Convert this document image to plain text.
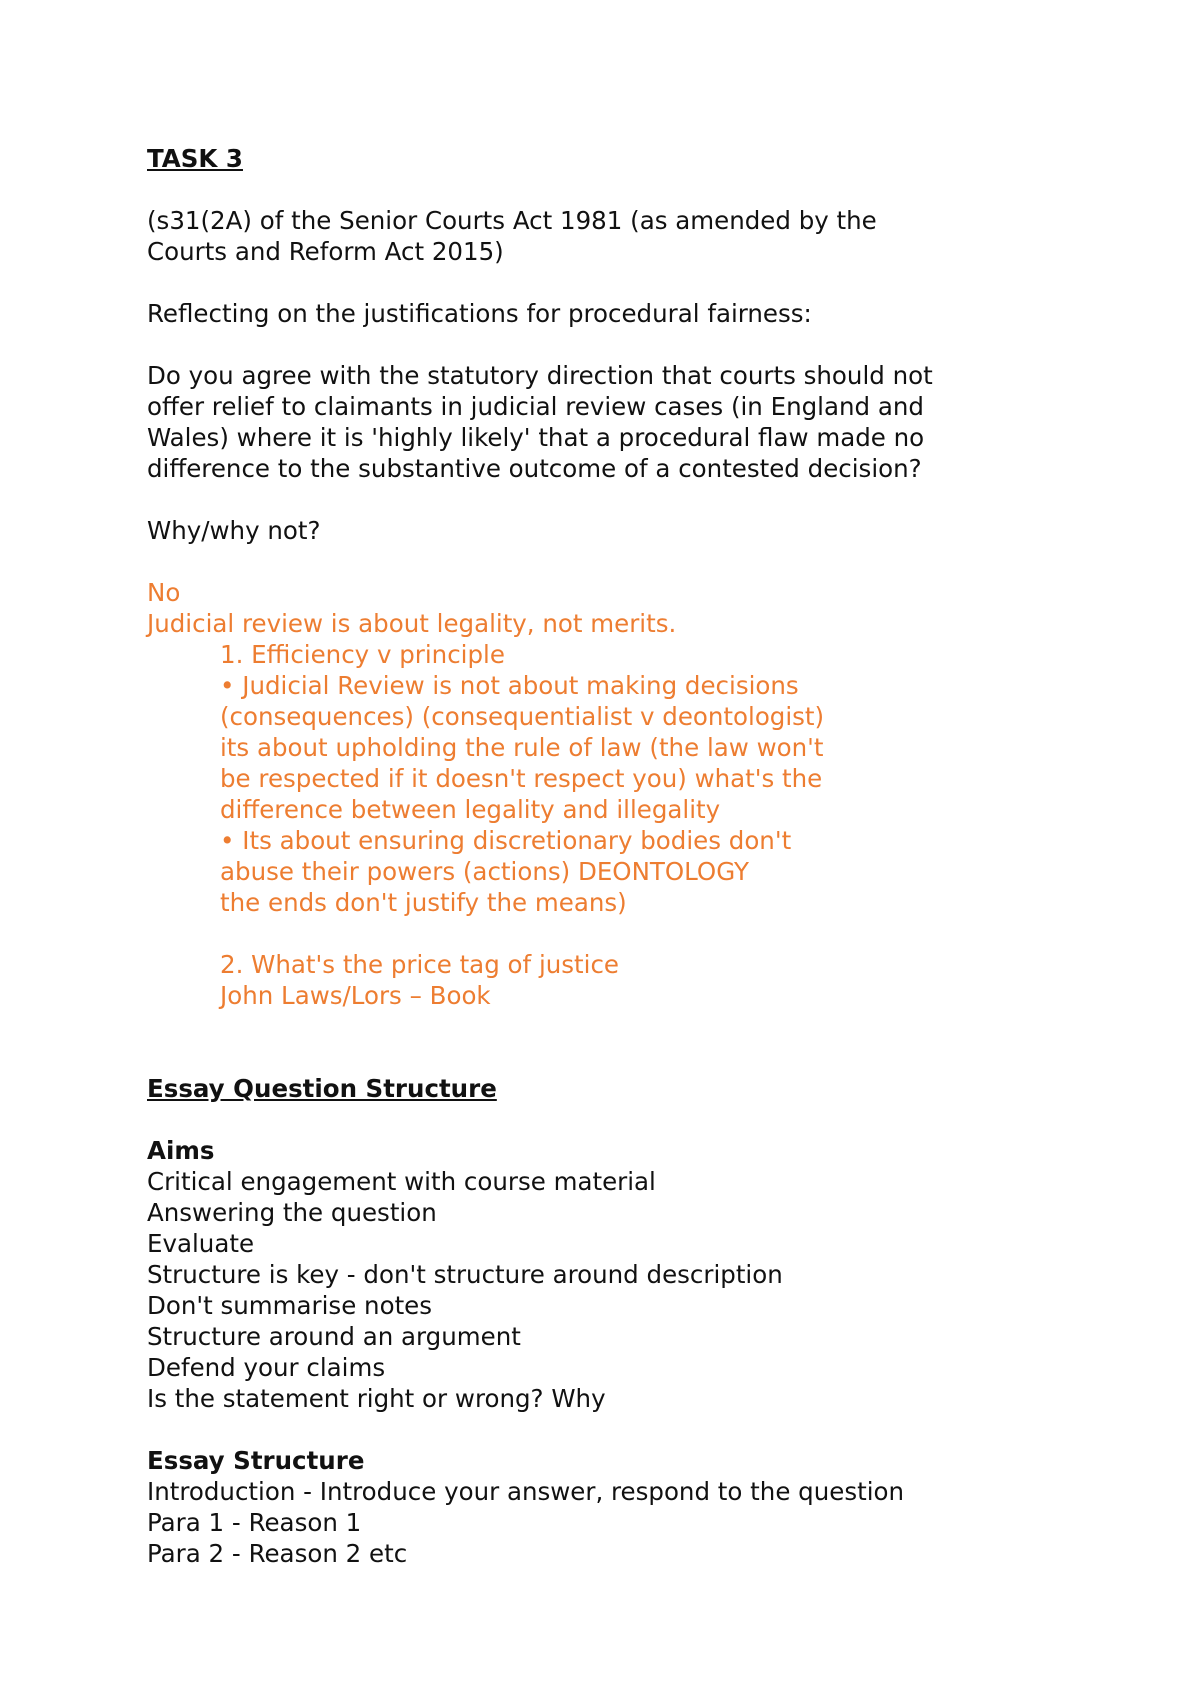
TASK 3
(s31(2A) of the Senior Courts Act 1981 (as amended by the
Courts and Reform Act 2015)
Reflecting on the justifications for procedural fairness:
Do you agree with the statutory direction that courts should not
offer relief to claimants in judicial review cases (in England and
Wales) where it is 'highly likely' that a procedural flaw made no
difference to the substantive outcome of a contested decision?
Why/why not?
No
Judicial review is about legality, not merits.
1. Efficiency v principle
• Judicial Review is not about making decisions
(consequences) (consequentialist v deontologist)
its about upholding the rule of law (the law won't
be respected if it doesn't respect you) what's the
difference between legality and illegality
• Its about ensuring discretionary bodies don't
abuse their powers (actions) DEONTOLOGY
the ends don't justify the means)
2. What's the price tag of justice
John Laws/Lors – Book
Essay Question Structure
Aims
Critical engagement with course material
Answering the question
Evaluate
Structure is key - don't structure around description
Don't summarise notes
Structure around an argument
Defend your claims
Is the statement right or wrong? Why
Essay Structure
Introduction - Introduce your answer, respond to the question
Para 1 - Reason 1
Para 2 - Reason 2 etc
